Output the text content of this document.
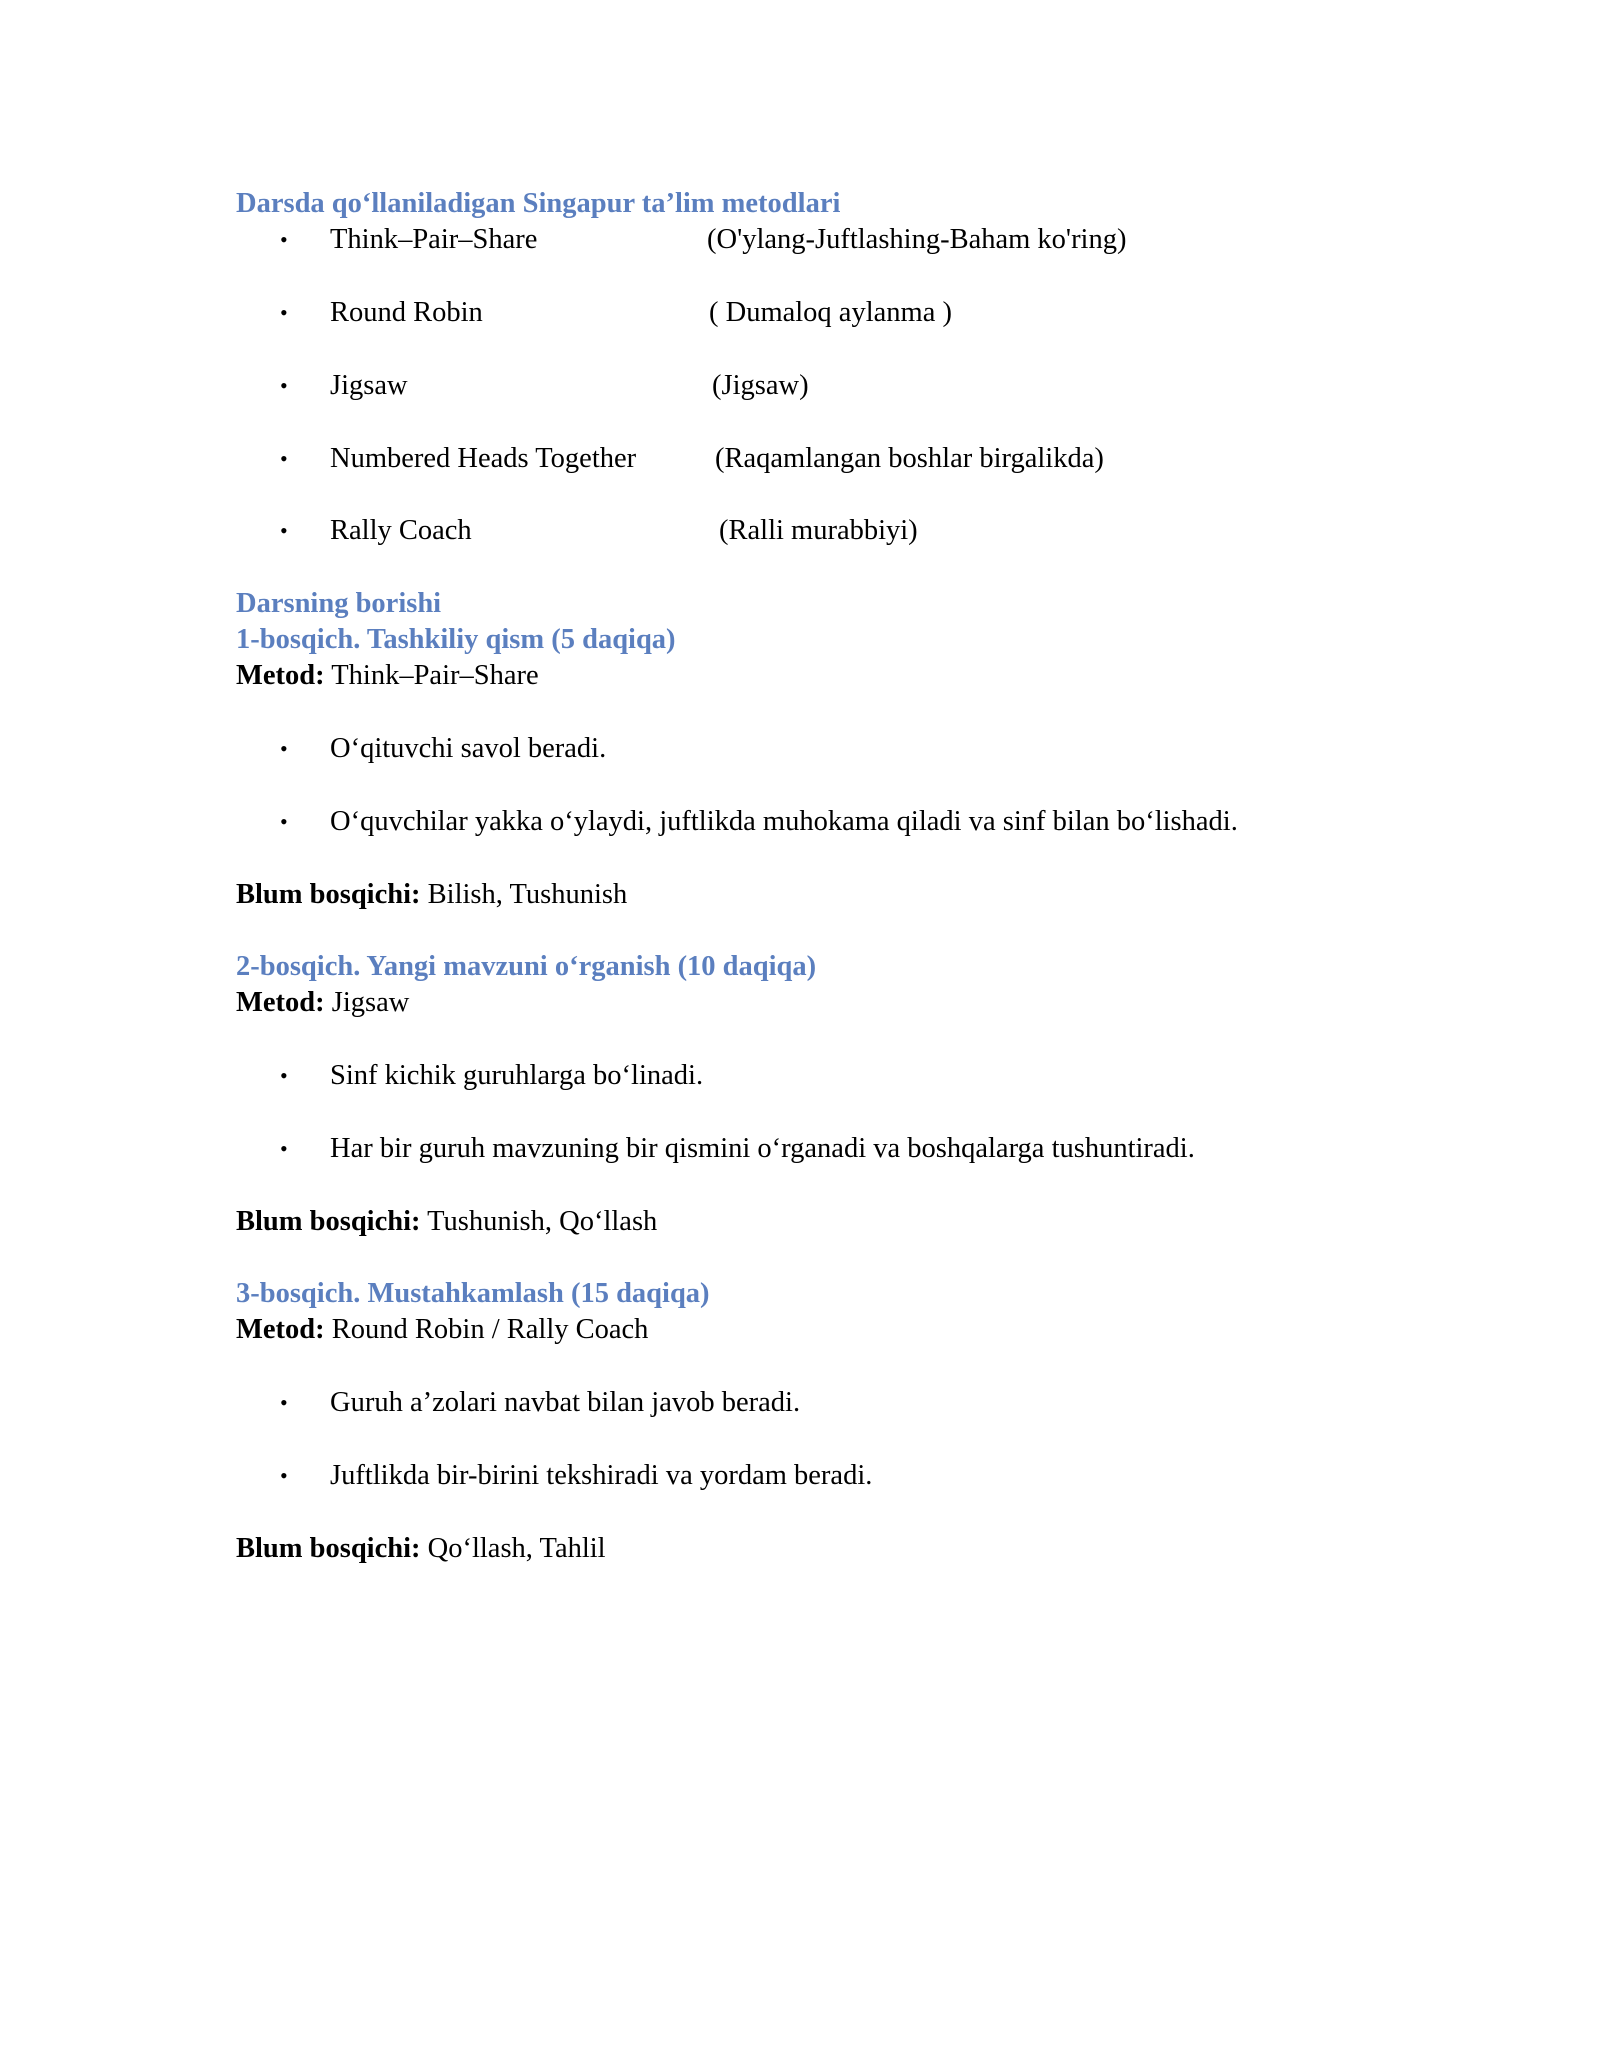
Darsda qo‘llaniladigan Singapur ta’lim metodlari
• Think–Pair–Share	(O'ylang-Juftlashing-Baham ko'ring)
• Round Robin	( Dumaloq aylanma )
• Jigsaw	(Jigsaw)
• Numbered Heads Together	(Raqamlangan boshlar birgalikda)
• Rally Coach	(Ralli murabbiyi)
Darsning borishi
1-bosqich. Tashkiliy qism (5 daqiqa)
Metod: Think–Pair–Share
• O‘qituvchi savol beradi.
• O‘quvchilar yakka o‘ylaydi, juftlikda muhokama qiladi va sinf bilan bo‘lishadi.
Blum bosqichi: Bilish, Tushunish
2-bosqich. Yangi mavzuni o‘rganish (10 daqiqa)
Metod: Jigsaw
• Sinf kichik guruhlarga bo‘linadi.
• Har bir guruh mavzuning bir qismini o‘rganadi va boshqalarga tushuntiradi.
Blum bosqichi: Tushunish, Qo‘llash
3-bosqich. Mustahkamlash (15 daqiqa)
Metod: Round Robin / Rally Coach
• Guruh a’zolari navbat bilan javob beradi.
• Juftlikda bir-birini tekshiradi va yordam beradi.
Blum bosqichi: Qo‘llash, Tahlil
